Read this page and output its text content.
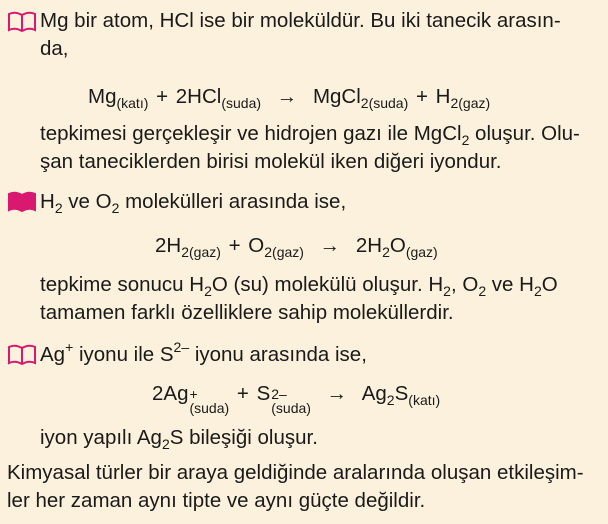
Mg bir atom, HCl ise bir moleküldür. Bu iki tanecik arasın-
da,
$Mg_{(katı)} + 2HCl_{(suda)}$ → MgCl$_{2(suda)}$ + $H_{2(gaz)}$
tepkimesi gerçekleşir ve hidrojen gazı ile MgCl$_2$ oluşur. Olu-
şan taneciklerden birisi molekül iken diğeri iyondur.
$H_2$ ve $O_2$ molekülleri arasında ise,
$2H_{2(gaz)} + O_{2(gaz)} \to 2H_2O_{(gaz)}$
tepkime sonucu $H_2O$ (su) molekülü oluşur. $H_2$, $O_2$ ve $H_2O$
tamamen farklı özelliklere sahip moleküllerdir.
Ag+ iyonu ile $S^{2-}$ iyonu arasında ise,
2Ag +
(suda)
+ S 2–
(suda)
→ $Ag_2S_{(katı)}$
iyon yapılı $Ag_2S$ bileşiği oluşur.
Kimyasal türler bir araya geldiğinde aralarında oluşan etkileşim-
ler her zaman aynı tipte ve aynı güçte değildir.
